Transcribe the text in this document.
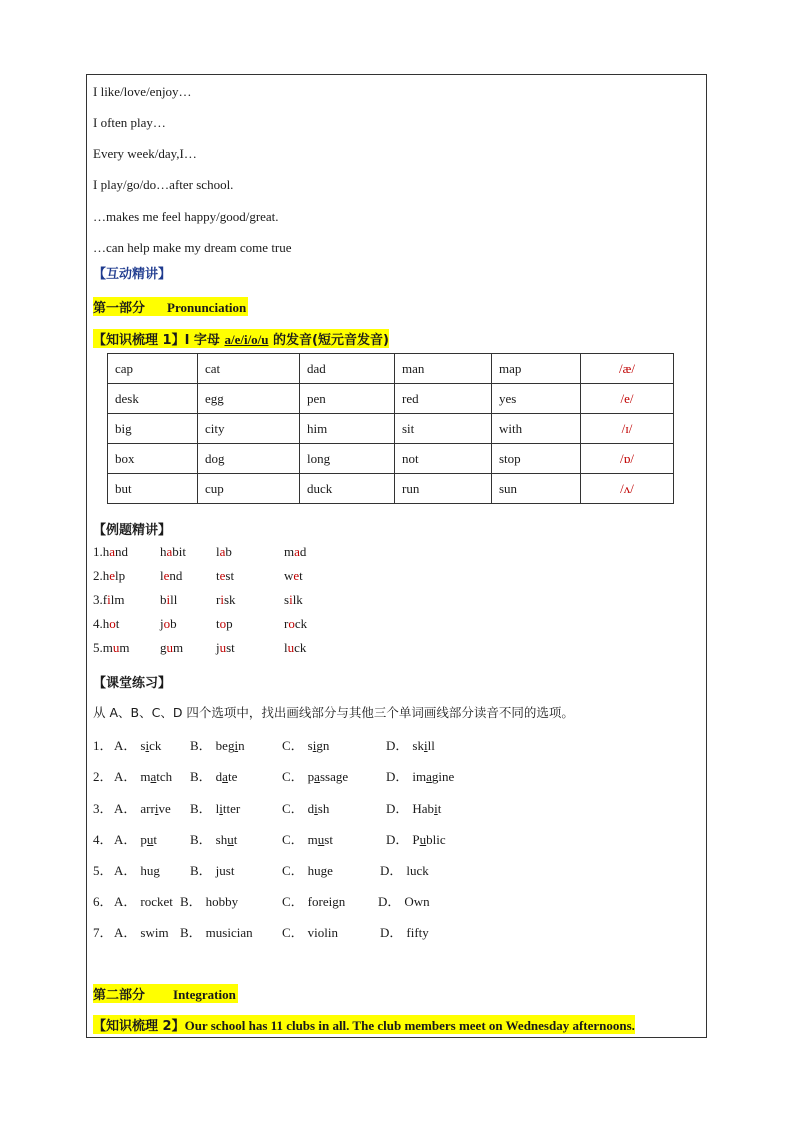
I like/love/enjoy…
I often play…
Every week/day,I…
I play/go/do…after school.
…makes me feel happy/good/great.
…can help make my dream come true
【互动精讲】
第一部分 Pronunciation
【知识梳理 1】I 字母 a/e/i/o/u 的发音(短元音发音)
cap	cat	dad	man	map	/æ/
desk	egg	pen	red	yes	/e/
big	city	him	sit	with	/ɪ/
box	dog	long	not	stop	/ɒ/
but	cup	duck	run	sun	/ʌ/
【例题精讲】
1.hand habit lab	mad
2.help	lend	test	wet
3.film	bill	risk	silk
4.hot	job	top	rock
5.mum gum	just	luck
【课堂练习】
从 A、B、C、D 四个选项中，找出画线部分与其他三个单词画线部分读音不同的选项。
1． A． sick B． begin	C． sign	D． skill
2． A． match B． date	C． passage	D． imagine
3． A． arrive B． litter	C． dish	D． Habit
4． A． put	B． shut	C． must	D． Public
5． A． hug B． just	C． huge	D． luck
6． A． rocket B． hobby	C． foreign	D． Own
7． A． swim B． musician C． violin	D． fifty
第二部分 Integration
【知识梳理 2】Our school has 11 clubs in all. The club members meet on Wednesday afternoons.
